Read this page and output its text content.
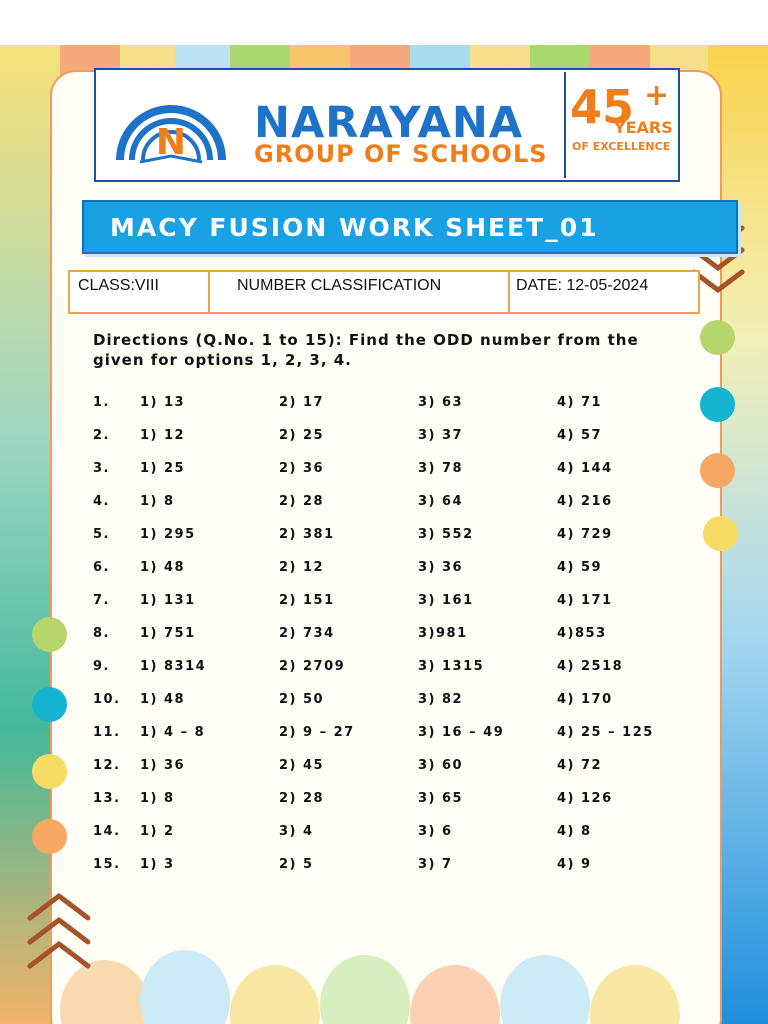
N NARAYANA
GROUP OF SCHOOLS
45 +
YEARS
OF EXCELLENCE
MACY FUSION WORK SHEET_01
CLASS:VIII	NUMBER CLASSIFICATION	DATE: 12-05-2024
Directions (Q.No. 1 to 15): Find the ODD number from the given for options 1, 2, 3, 4.
1. 1) 13	2) 17	3) 63	4) 71
2. 1) 12	2) 25	3) 37	4) 57
3. 1) 25	2) 36	3) 78	4) 144
4. 1) 8	2) 28	3) 64	4) 216
5. 1) 295	2) 381	3) 552	4) 729
6. 1) 48	2) 12	3) 36	4) 59
7. 1) 131	2) 151	3) 161	4) 171
8. 1) 751	2) 734	3)981	4)853
9. 1) 8314	2) 2709	3) 1315	4) 2518
10. 1) 48	2) 50	3) 82	4) 170
11. 1) 4 – 8	2) 9 – 27	3) 16 – 49	4) 25 – 125
12. 1) 36	2) 45	3) 60	4) 72
13. 1) 8	2) 28	3) 65	4) 126
14. 1) 2	3) 4	3) 6	4) 8
15. 1) 3	2) 5	3) 7	4) 9
